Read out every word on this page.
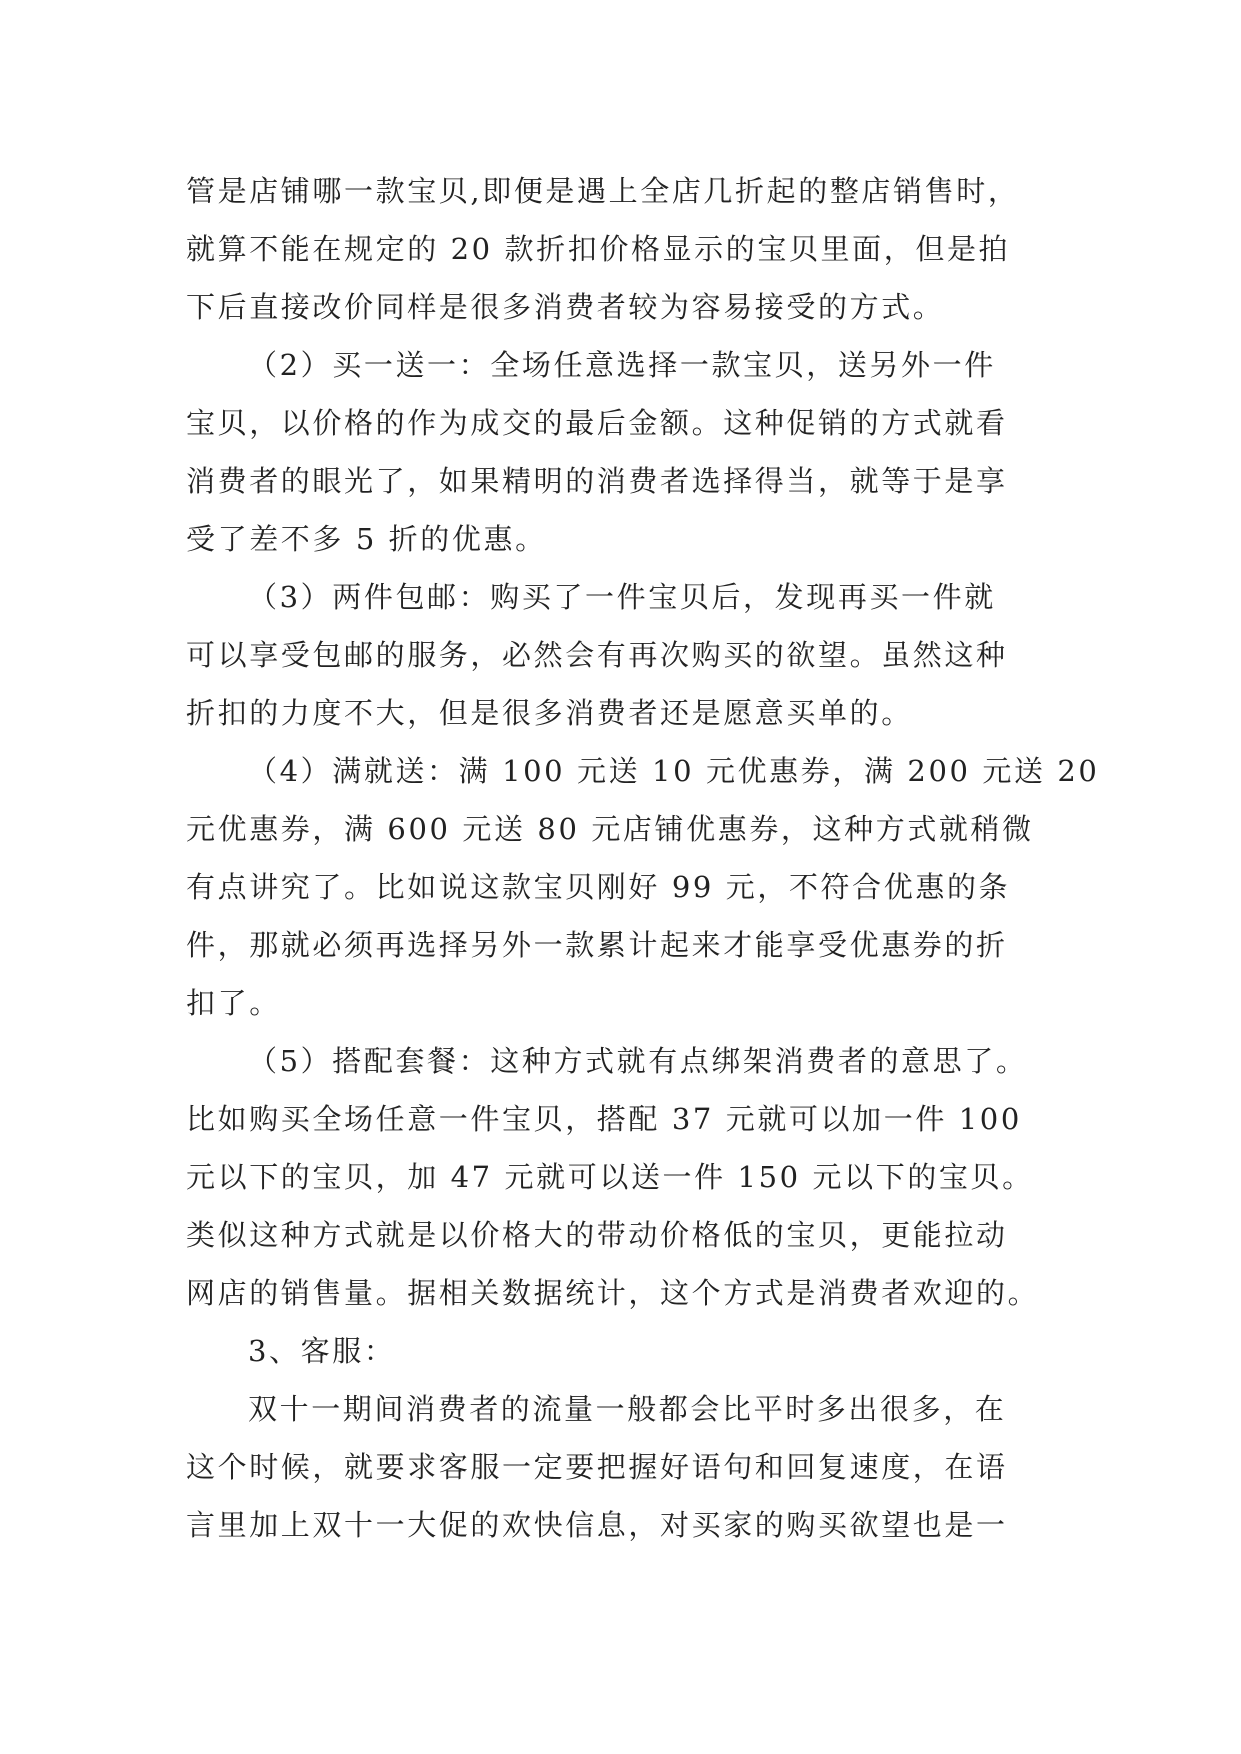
管是店铺哪一款宝贝,即便是遇上全店几折起的整店销售时，
就算不能在规定的 20 款折扣价格显示的宝贝里面，但是拍
下后直接改价同样是很多消费者较为容易接受的方式。
（2）买一送一：全场任意选择一款宝贝，送另外一件
宝贝，以价格的作为成交的最后金额。这种促销的方式就看
消费者的眼光了，如果精明的消费者选择得当，就等于是享
受了差不多 5 折的优惠。
（3）两件包邮：购买了一件宝贝后，发现再买一件就
可以享受包邮的服务，必然会有再次购买的欲望。虽然这种
折扣的力度不大，但是很多消费者还是愿意买单的。
（4）满就送：满 100 元送 10 元优惠券，满 200 元送 20
元优惠券，满 600 元送 80 元店铺优惠券，这种方式就稍微
有点讲究了。比如说这款宝贝刚好 99 元，不符合优惠的条
件，那就必须再选择另外一款累计起来才能享受优惠券的折
扣了。
（5）搭配套餐：这种方式就有点绑架消费者的意思了。
比如购买全场任意一件宝贝，搭配 37 元就可以加一件 100
元以下的宝贝，加 47 元就可以送一件 150 元以下的宝贝。
类似这种方式就是以价格大的带动价格低的宝贝，更能拉动
网店的销售量。据相关数据统计，这个方式是消费者欢迎的。
3、客服：
双十一期间消费者的流量一般都会比平时多出很多，在
这个时候，就要求客服一定要把握好语句和回复速度，在语
言里加上双十一大促的欢快信息，对买家的购买欲望也是一
